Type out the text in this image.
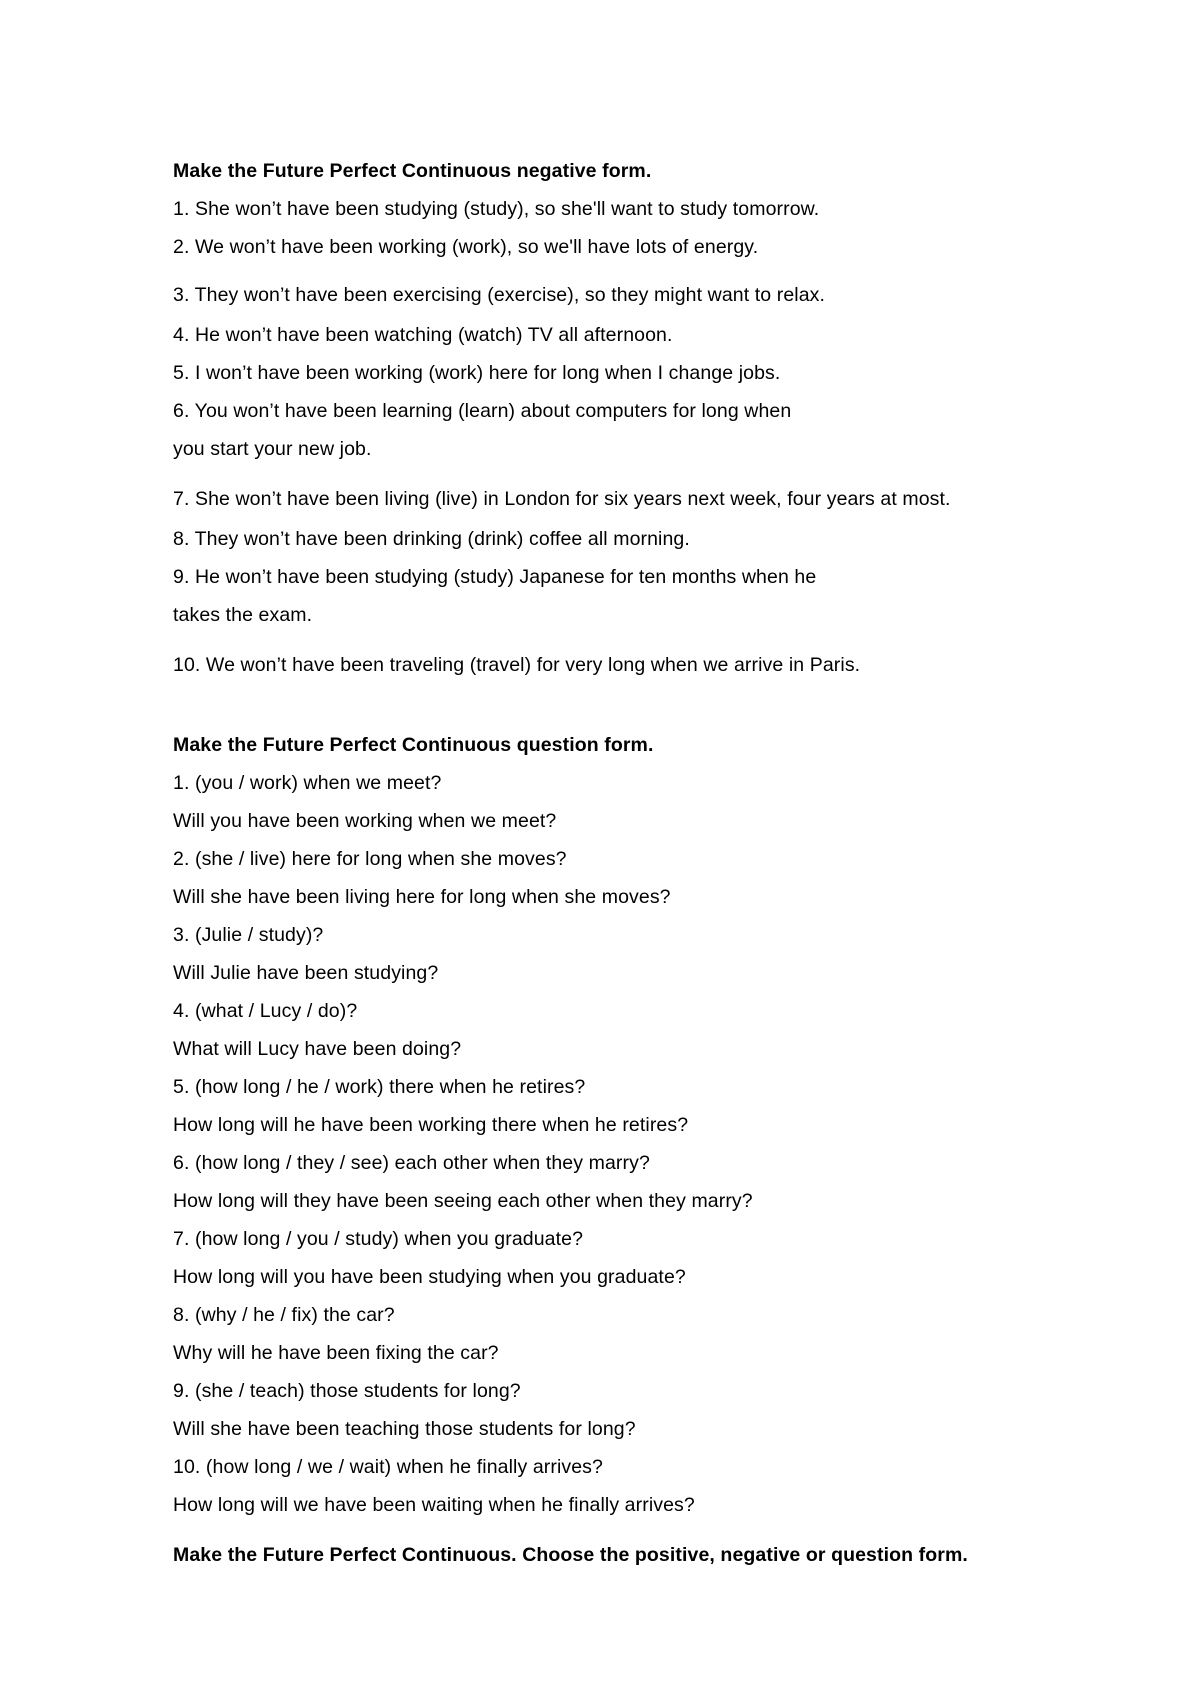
Make the Future Perfect Continuous negative form.
1. She won’t have been studying (study), so she'll want to study tomorrow.
2. We won’t have been working (work), so we'll have lots of energy.
3. They won’t have been exercising (exercise), so they might want to relax.
4. He won’t have been watching (watch) TV all afternoon.
5. I won’t have been working (work) here for long when I change jobs.
6. You won’t have been learning (learn) about computers for long when
you start your new job.
7. She won’t have been living (live) in London for six years next week, four years at most.
8. They won’t have been drinking (drink) coffee all morning.
9. He won’t have been studying (study) Japanese for ten months when he
takes the exam.
10. We won’t have been traveling (travel) for very long when we arrive in Paris.
Make the Future Perfect Continuous question form.
1. (you / work) when we meet?
Will you have been working when we meet?
2. (she / live) here for long when she moves?
Will she have been living here for long when she moves?
3. (Julie / study)?
Will Julie have been studying?
4. (what / Lucy / do)?
What will Lucy have been doing?
5. (how long / he / work) there when he retires?
How long will he have been working there when he retires?
6. (how long / they / see) each other when they marry?
How long will they have been seeing each other when they marry?
7. (how long / you / study) when you graduate?
How long will you have been studying when you graduate?
8. (why / he / fix) the car?
Why will he have been fixing the car?
9. (she / teach) those students for long?
Will she have been teaching those students for long?
10. (how long / we / wait) when he finally arrives?
How long will we have been waiting when he finally arrives?
Make the Future Perfect Continuous. Choose the positive, negative or question form.
